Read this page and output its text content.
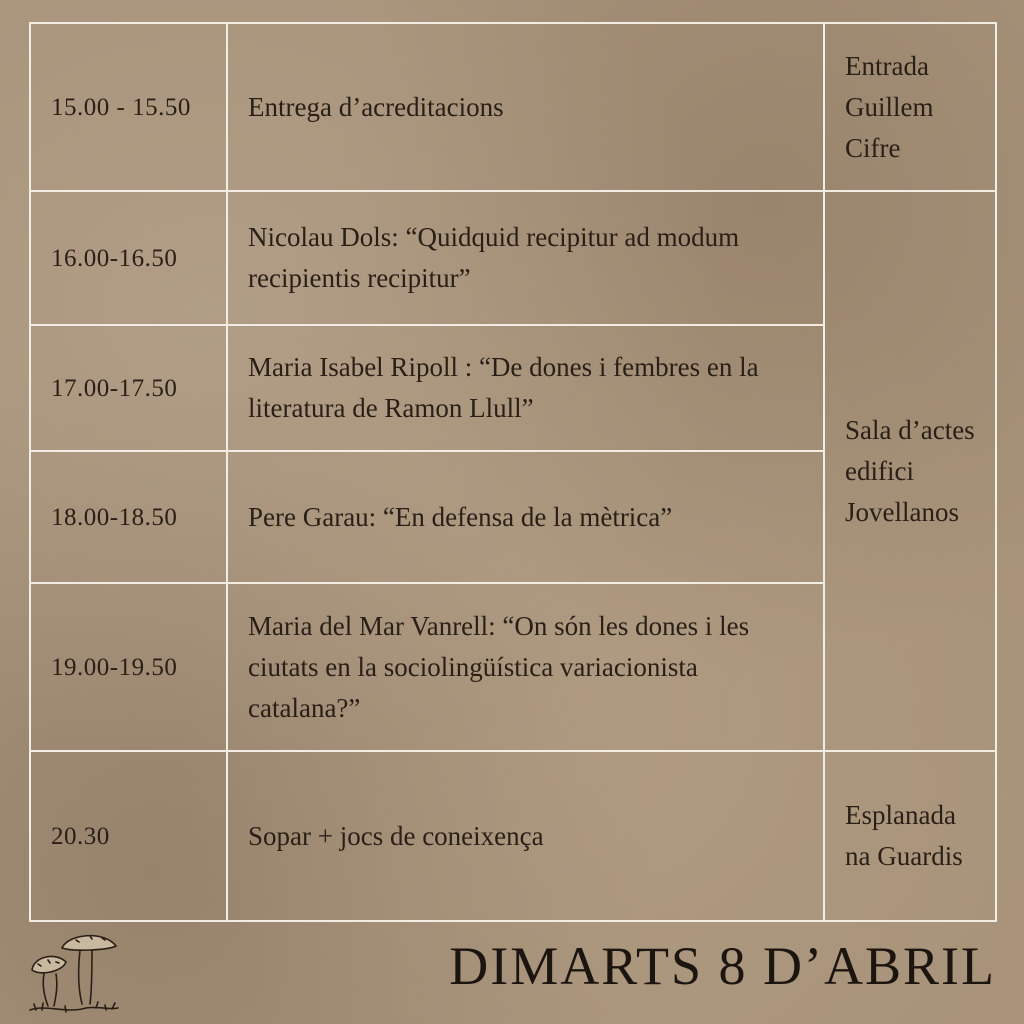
15.00 - 15.50	Entrega d’acreditacions	Entrada Guillem Cifre
16.00-16.50	Nicolau Dols: “Quidquid recipitur ad modum recipientis recipitur”	Sala d’actes edifici Jovellanos
17.00-17.50	Maria Isabel Ripoll : “De dones i fembres en la literatura de Ramon Llull”	
18.00-18.50	Pere Garau: “En defensa de la mètrica”	
19.00-19.50	Maria del Mar Vanrell: “On són les dones i les ciutats en la sociolingüística variacionista catalana?”	
20.30	Sopar + jocs de coneixença	Esplanada na Guardis
DIMARTS 8 D’ABRIL
